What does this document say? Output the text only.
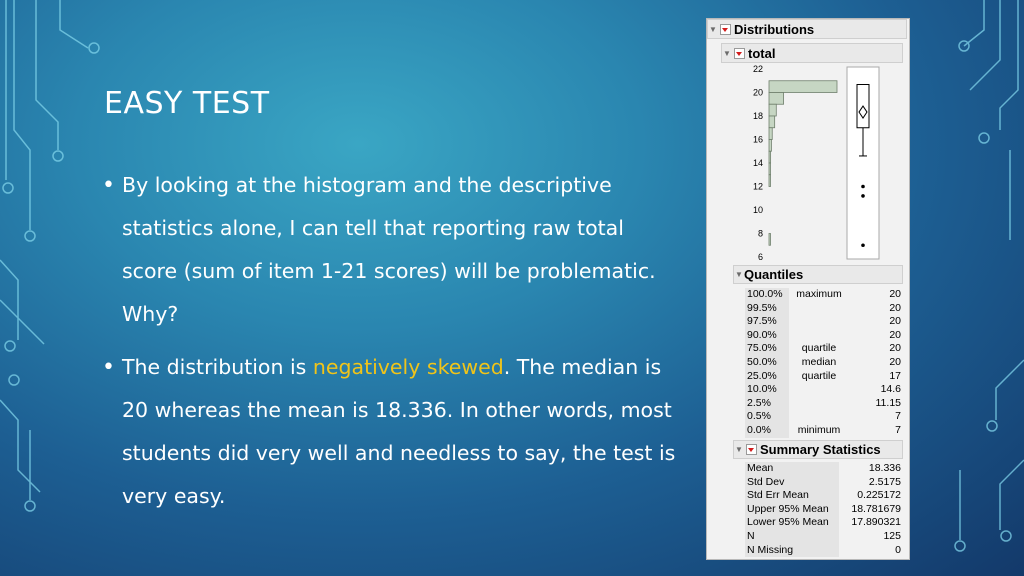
EASY TEST
• By looking at the histogram and the descriptive statistics alone, I can tell that reporting raw total score (sum of item 1-21 scores) will be problematic. Why?
• The distribution is negatively skewed. The median is 20 whereas the mean is 18.336. In other words, most students did very well and needless to say, the test is very easy.
▼ Distributions
▼ total
22
20
18
16
14
12
10
8
6
▼ Quantiles
100.0%	maximum	20
99.5%		20
97.5%		20
90.0%		20
75.0%	quartile	20
50.0%	median	20
25.0%	quartile	17
10.0%		14.6
2.5%		11.15
0.5%		7
0.0%	minimum	7
▼ Summary Statistics
Mean	18.336
Std Dev	2.5175
Std Err Mean	0.225172
Upper 95% Mean	18.781679
Lower 95% Mean	17.890321
N	125
N Missing	0
